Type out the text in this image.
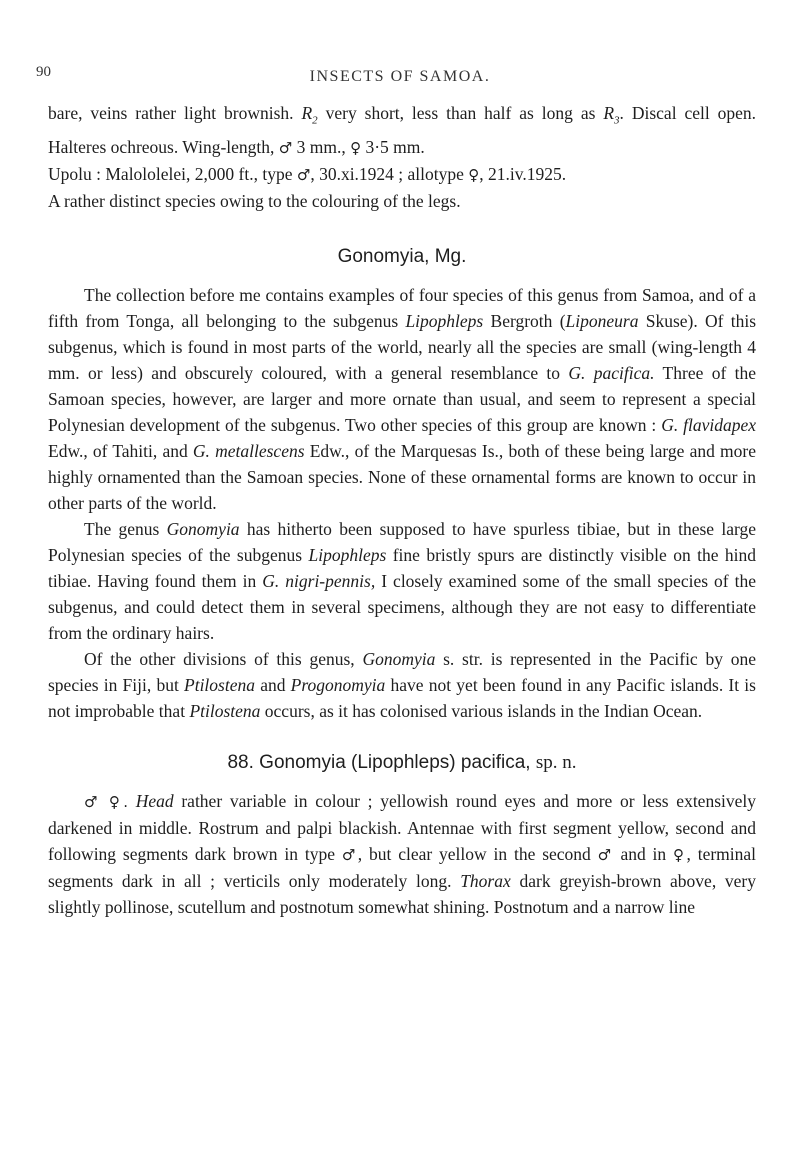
90	INSECTS OF SAMOA.

bare, veins rather light brownish. $R_2$ very short, less than half as long as $R_3$. Discal cell open. Halteres ochreous. Wing-length, ♂ 3 mm., ♀ 3·5 mm.

Upolu : Malololelei, 2,000 ft., type ♂, 30.xi.1924 ; allotype ♀, 21.iv.1925.

A rather distinct species owing to the colouring of the legs.

Gonomyia, Mg.

The collection before me contains examples of four species of this genus from Samoa, and of a fifth from Tonga, all belonging to the subgenus Lipophleps Bergroth (Liponeura Skuse). Of this subgenus, which is found in most parts of the world, nearly all the species are small (wing-length 4 mm. or less) and obscurely coloured, with a general resemblance to G. pacifica. Three of the Samoan species, however, are larger and more ornate than usual, and seem to represent a special Polynesian development of the subgenus. Two other species of this group are known : G. flavidapex Edw., of Tahiti, and G. metallescens Edw., of the Marquesas Is., both of these being large and more highly ornamented than the Samoan species. None of these ornamental forms are known to occur in other parts of the world.

The genus Gonomyia has hitherto been supposed to have spurless tibiae, but in these large Polynesian species of the subgenus Lipophleps fine bristly spurs are distinctly visible on the hind tibiae. Having found them in G. nigri-pennis, I closely examined some of the small species of the subgenus, and could detect them in several specimens, although they are not easy to differentiate from the ordinary hairs.

Of the other divisions of this genus, Gonomyia s. str. is represented in the Pacific by one species in Fiji, but Ptilostena and Progonomyia have not yet been found in any Pacific islands. It is not improbable that Ptilostena occurs, as it has colonised various islands in the Indian Ocean.

88. Gonomyia (Lipophleps) pacifica, sp. n.

♂ ♀. Head rather variable in colour ; yellowish round eyes and more or less extensively darkened in middle. Rostrum and palpi blackish. Antennae with first segment yellow, second and following segments dark brown in type ♂, but clear yellow in the second ♂ and in ♀, terminal segments dark in all ; verticils only moderately long. Thorax dark greyish-brown above, very slightly pollinose, scutellum and postnotum somewhat shining. Postnotum and a narrow line
